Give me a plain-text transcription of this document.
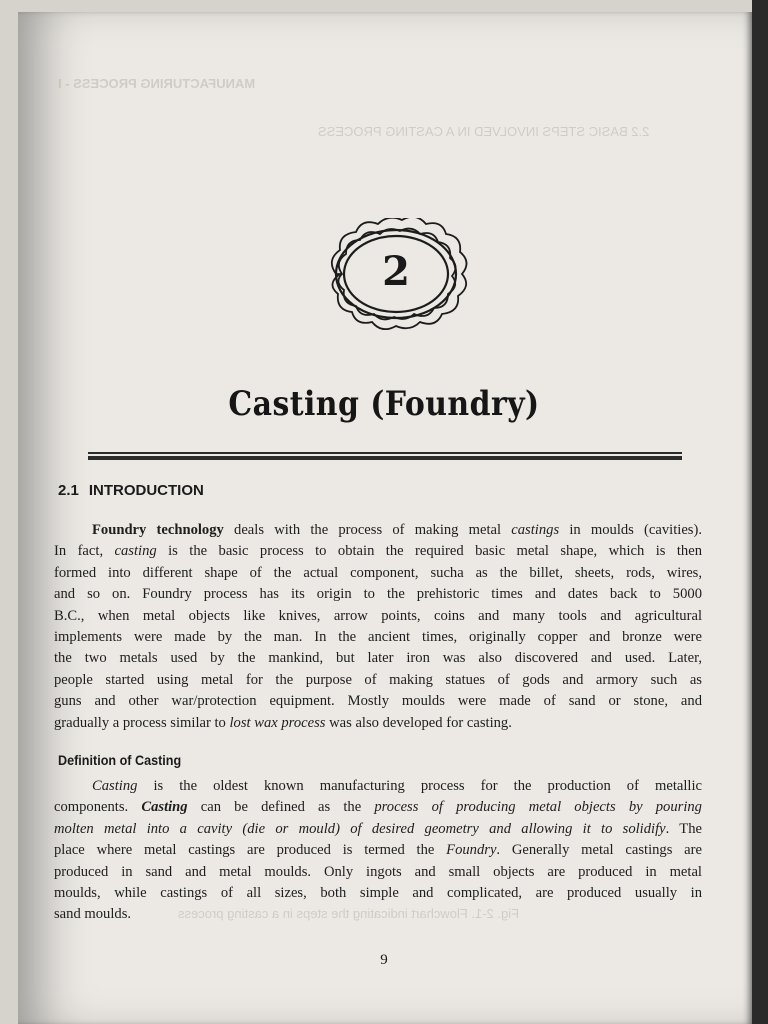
MANUFACTURING PROCESS - I
2.2 BASIC STEPS INVOLVED IN A CASTING PROCESS
Fig. 2-1. Flowchart indicating the steps in a casting process
2
Casting (Foundry)
2.1 INTRODUCTION
Foundry technology deals with the process of making metal castings in moulds (cavities).
In fact, casting is the basic process to obtain the required basic metal shape, which is then
formed into different shape of the actual component, sucha as the billet, sheets, rods, wires,
and so on. Foundry process has its origin to the prehistoric times and dates back to 5000
B.C., when metal objects like knives, arrow points, coins and many tools and agricultural
implements were made by the man. In the ancient times, originally copper and bronze were
the two metals used by the mankind, but later iron was also discovered and used. Later,
people started using metal for the purpose of making statues of gods and armory such as
guns and other war/protection equipment. Mostly moulds were made of sand or stone, and
gradually a process similar to lost wax process was also developed for casting.
Definition of Casting
Casting is the oldest known manufacturing process for the production of metallic
components. Casting can be defined as the process of producing metal objects by pouring
molten metal into a cavity (die or mould) of desired geometry and allowing it to solidify. The
place where metal castings are produced is termed the Foundry. Generally metal castings are
produced in sand and metal moulds. Only ingots and small objects are produced in metal
moulds, while castings of all sizes, both simple and complicated, are produced usually in
sand moulds.
9
